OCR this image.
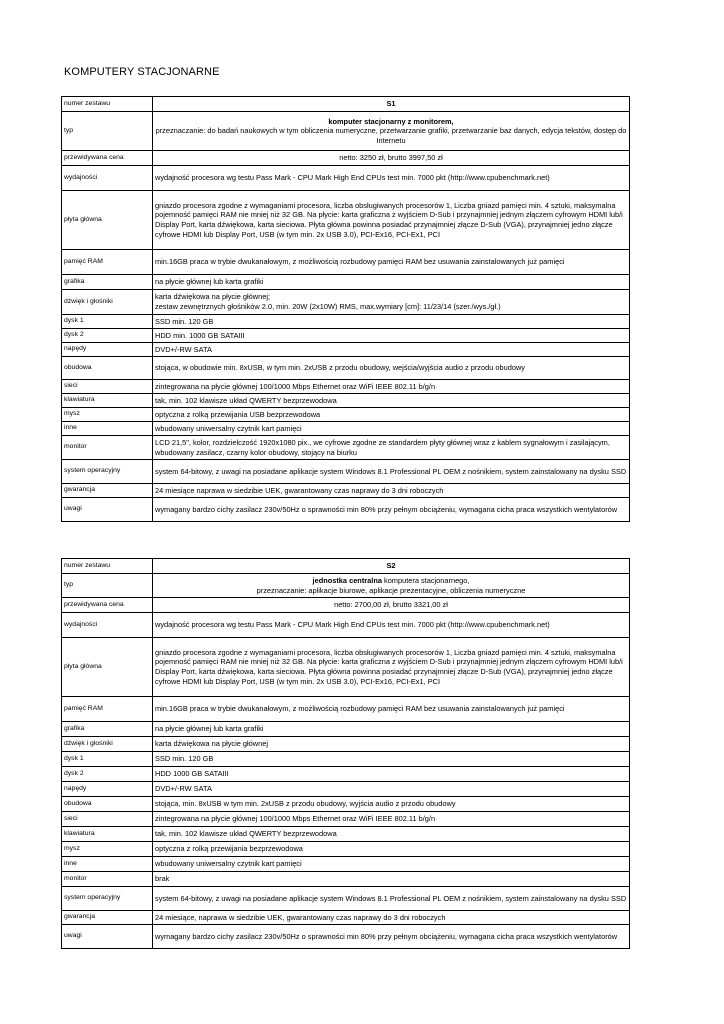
KOMPUTERY STACJONARNE
numer zestawu	S1
typ	komputer stacjonarny z monitorem,
przeznaczanie: do badań naukowych w tym obliczenia numeryczne, przetwarzanie grafiki, przetwarzanie baz danych, edycja tekstów, dostęp do Internetu

przewidywana cena	netto: 3250 zł, brutto 3997,50 zł
wydajności	wydajność procesora wg testu Pass Mark - CPU Mark High End CPUs test min. 7000 pkt (http://www.cpubenchmark.net)
płyta główna	gniazdo procesora zgodne z wymaganiami procesora, liczba obsługiwanych procesorów 1, Liczba gniazd pamięci min. 4 sztuki, maksymalna pojemność pamięci RAM nie mniej niż 32 GB. Na płycie: karta graficzna z wyjściem D-Sub i przynajmniej jednym złączem cyfrowym HDMI lub/i Display Port, karta dźwiękowa, karta sieciowa. Płyta główna powinna posiadać przynajmniej złącze D-Sub (VGA), przynajmniej jedno złącze cyfrowe HDMI lub Display Port, USB (w tym min. 2x USB 3.0), PCI-Ex16, PCI-Ex1, PCI
pamięć RAM	min.16GB praca w trybie dwukanałowym, z możliwością rozbudowy pamięci RAM bez usuwania zainstalowanych już pamięci
grafika	na płycie głównej lub karta grafiki
dźwięk i głośniki	karta dźwiękowa na płycie głównej;
zestaw zewnętrznych głośników 2.0, min. 20W (2x10W) RMS, max.wymiary [cm]: 11/23/14 (szer./wys./gł.)

dysk 1	SSD min. 120 GB
dysk 2	HDD min. 1000 GB SATAIII
napędy	DVD+/-RW SATA
obudowa	stojąca, w obudowie min. 8xUSB, w tym min. 2xUSB z przodu obudowy, wejścia/wyjścia audio z przodu obudowy
sieci	zintegrowana na płycie głównej 100/1000 Mbps Ethernet oraz WiFi IEEE 802.11 b/g/n
klawiatura	tak, min. 102 klawisze układ QWERTY bezprzewodowa
mysz	optyczna z rolką przewijania USB bezprzewodowa
inne	wbudowany uniwersalny czytnik kart pamięci
monitor	LCD 21,5", kolor, rozdzielczość 1920x1080 pix., we cyfrowe zgodne ze standardem płyty głównej wraz z kablem sygnałowym i zasilającym, wbudowany zasilacz, czarny kolor obudowy, stojący na biurku
system operacyjny	system 64-bitowy, z uwagi na posiadane aplikacje system Windows 8.1 Professional PL OEM z nośnikiem, system zainstalowany na dysku SSD
gwarancja	24 miesiące naprawa w siedzibie UEK, gwarantowany czas naprawy do 3 dni roboczych
uwagi	wymagany bardzo cichy zasilacz 230v/50Hz o sprawności min 80% przy pełnym obciążeniu, wymagana cicha praca wszystkich wentylatorów
numer zestawu	S2
typ	jednostka centralna komputera stacjonarnego,
przeznaczanie: aplikacje biurowe, aplikacje prezentacyjne, obliczenia numeryczne

przewidywana cena	netto: 2700,00 zł, brutto 3321,00 zł
wydajności	wydajność procesora wg testu Pass Mark - CPU Mark High End CPUs test min. 7000 pkt (http://www.cpubenchmark.net)
płyta główna	gniazdo procesora zgodne z wymaganiami procesora, liczba obsługiwanych procesorów 1, Liczba gniazd pamięci min. 4 sztuki, maksymalna pojemność pamięci RAM nie mniej niż 32 GB. Na płycie: karta graficzna z wyjściem D-Sub i przynajmniej jednym złączem cyfrowym HDMI lub/i Display Port, karta dźwiękowa, karta sieciowa. Płyta główna powinna posiadać przynajmniej złącze D-Sub (VGA), przynajmniej jedno złącze cyfrowe HDMI lub Display Port, USB (w tym min. 2x USB 3.0), PCI-Ex16, PCI-Ex1, PCI
pamięć RAM	min.16GB praca w trybie dwukanałowym, z możliwością rozbudowy pamięci RAM bez usuwania zainstalowanych już pamięci
grafika	na płycie głównej lub karta grafiki
dźwięk i głośniki	karta dźwiękowa na płycie głównej
dysk 1	SSD min. 120 GB
dysk 2	HDD 1000 GB SATAIII
napędy	DVD+/-RW SATA
obudowa	stojąca, min. 8xUSB w tym min. 2xUSB z przodu obudowy, wyjścia audio z przodu obudowy
sieci	zintegrowana na płycie głównej 100/1000 Mbps Ethernet oraz WiFi IEEE 802.11 b/g/n
klawiatura	tak, min. 102 klawisze układ QWERTY bezprzewodowa
mysz	optyczna z rolką przewijania bezprzewodowa
inne	wbudowany uniwersalny czytnik kart pamięci
monitor	brak
system operacyjny	system 64-bitowy, z uwagi na posiadane aplikacje system Windows 8.1 Professional PL OEM z nośnikiem, system zainstalowany na dysku SSD
gwarancja	24 miesiące, naprawa w siedzibie UEK, gwarantowany czas naprawy do 3 dni roboczych
uwagi	wymagany bardzo cichy zasilacz 230v/50Hz o sprawności min 80% przy pełnym obciążeniu, wymagana cicha praca wszystkich wentylatorów
